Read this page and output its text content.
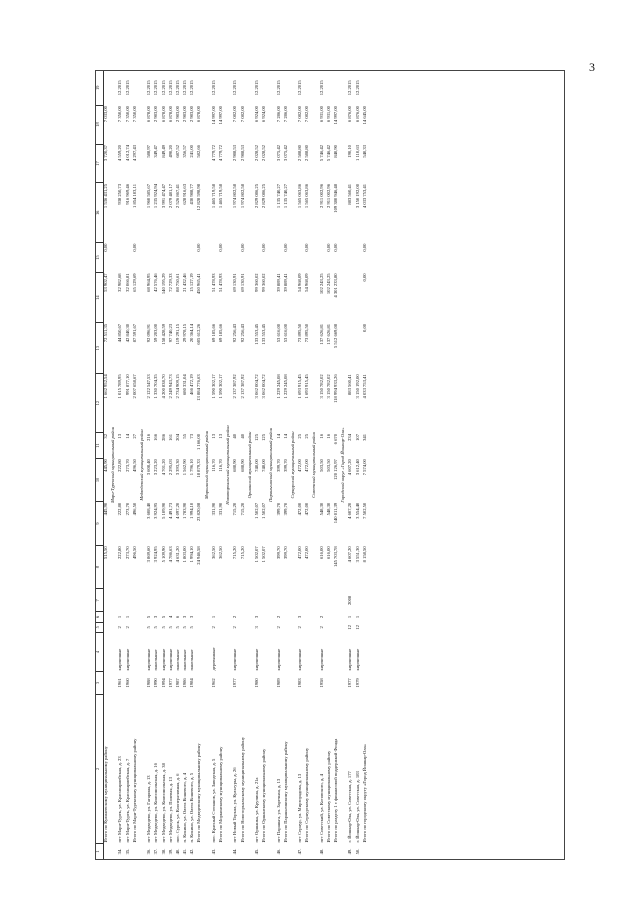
3
1	2	3	4	5	6	7	8	9	10	11	12	13	14	15	16	17	18	19
	Итого по Кулмаевскому муниципальному району						515,50	445,90	445,90	32	1 662 952,54	72 511,35	53 902,47	0,00	1 536 431,25	3 720,37	7 033,00	
Мари-Турекский муниципальный район																		
34.	пгт Мари-Турек, ул. Красноармейская, д. 23	1961	кирпичные	2	1		222,80	222,80	222,80	13	1 015 789,95	44 850,67	32 982,68		938 250,73	4 559,20	7 350,00	12.2015
35.	пгт Мари-Турек, ул. Красноармейская, д. 7	1960	кирпичные	2	1		273,70	273,70	273,70	14	991 877,10	42 840,30	32 066,81		916 969,46	4 012,74	7 350,00	12.2015
	Итого по Мари-Турекскому муниципальному району						496,50	496,50	496,50	27	2 007 658,67	87 591,67	65 129,69	0,00	1 854 103,11	4 297,43	7 350,00	
Медведевский муниципальный район																		
36.	пгт Медведево, ул. Гагарина, д. 13	1988	кирпичные	5	5		3 869,60	3 608,40	3 608,40	216	2 122 547,53	92 096,91	68 964,95		1 960 585,67	588,97	6 878,00	12.2015
37.	пгт Медведево, ул. Комсомольская, д. 16	1990	панельные	5	3		3 924,95	3 924,95	3 223,20	166	1 330 704,35	59 203,00	42 576,46		1 235 924,94	349,47	2 983,00	12.2015
38.	пгт Медведево, ул. Комсомольская, д. 38	1994	кирпичные	5	5		5 109,90	5 109,90	4 701,20	286	4 200 838,70	158 428,59	140 195,29		3 991 474,47	849,49	6 878,00	12.2015
39.	пгт Медведево, ул. Полевая, д. 13	1977	кирпичные	5	4		4 786,63	4 491,73	2 295,03	161	2 249 943,73	97 740,23	72 729,33		2 079 481,17	490,20	6 878,00	12.2015
40.	пос. Сурок, ул. Кооперативная, д. 6	1987	панельные	5	6		4 631,20	4 097,20	3 393,30	204	2 734 909,15	119 291,15	88 750,61		2 526 867,41	687,52	2 983,00	12.2015
41.	п. Кокино, ул. Олега Кошевого, д. 4	1986	панельные	5	3		1 803,00	1 783,90	1 562,90	55	680 331,04	29 978,15	21 432,46		628 916,63	356,57	2 983,00	12.2015
42.	п. Кокино, ул. Олега Кошевого, д. 5	1984	панельные	5	3		1 994,10	1 994,10	1 796,10	73	466 472,19	20 364,14	15 127,19		430 988,77	241,00	2 983,00	12.2015
	Итого по Медведевскому муниципальному району						24 946,58	23 820,08	18 879,33	1 166,00	13 884 776,63	605 612,26	450 965,41	0,00	12 828 598,98	582,66	6 878,00	
Моркинский муниципальный район																		
43.	пос. Красный Степанов, ул. Заводская, д. 5	1962	деревянные	2	1		362,50	331,90	116,70	13	1 590 302,17	69 185,66	51 478,93		1 465 719,58	4 779,72	14 997,00	12.2015
	Итого по Моркинскому муниципальному району						362,50	331,90	116,70	13	1 590 302,17	69 185,66	51 478,93	0,00	1 465 719,58	4 779,72	14 997,00	
Новоторъяльский муниципальный район																		
44.	пгт Новый Торъял, ул. Культуры, д. 26	1977	кирпичные	2	2		715,20	715,20	688,90	40	2 137 387,92	92 256,43	69 130,91		1 974 802,58	2 988,53	7 082,00	12.2015
	Итого по Новоторъяльскому муниципальному району						715,20	715,20	688,90	40	2 137 387,92	92 256,43	69 130,91	0,00	1 974 802,58	2 988,53	7 082,00	
Оршанский муниципальный район																		
45.	пгт Оршанка, ул. Крупина, д. 21а	1980	кирпичные	3	3		1 502,07	1 502,07	748,00	125	3 062 004,72	133 553,45	99 360,02		2 829 086,25	2 028,52	6 924,00	12.2015
	Итого по Оршанскому муниципальному району						1 502,07	1 502,07	748,00	125	3 062 004,72	133 553,45	99 360,02	0,00	2 829 086,25	2 028,52	6 924,00	
Параньгинский муниципальный район																		
46.	пгт Параньга, ул. Заречная, д. 13	1989	кирпичные	2	2		399,70	399,70	399,70	14	1 229 245,08	53 616,00	39 889,41		1 135 740,27	3 075,42	7 286,00	12.2015
	Итого по Параньгинскому муниципальному району						399,70	399,70	399,70	14	1 229 245,08	53 616,00	39 889,41	0,00	1 135 740,27	3 075,42	7 286,00	
Сернурский муниципальный район																		
47.	пгт Сернур, ул. Мирзорадова, д. 13	1983	кирпичные	2	3		472,00	472,00	472,00	25	1 693 915,45	73 895,50	54 968,09		1 565 063,86	2 588,80	7 082,00	12.2015
	Итого по Сернурскому муниципальному району						472,00	472,00	472,00	25	1 693 915,45	73 895,50	54 968,09	0,00	1 565 063,86	2 588,80	7 082,00	
Советский муниципальный район																		
48.	пгт Советский, ул. Котовского, д. 4	1958	кирпичные	2	2		616,00	548,30	503,50	16	3 150 782,02	137 626,81	102 243,25		2 911 002,96	5 746,42	6 931,00	12.2015
	Итого по Советскому муниципальному району						616,00	548,30	503,50	16	3 150 782,02	137 626,81	102 243,25	0,00	2 911 002,96	5 746,42	6 931,00	
	Итого по разделу 1 с финансовой поддержкой Фонда						145 703,78	140 011,39	120 126,97	6 670	118 994 933,26	5 512 669,08	4 301 233,80	0,00	109 380 946,48	840,90	14 997,00	
Городской округ «Город Йошкар-Ола»																		
49.	г. Йошкар-Ола, ул. Советская, д. 177	1977	кирпичные	12	1	2008	4 607,20	4 607,20	4 607,20	234	883 560,41				883 560,41	190,10	6 876,00	12.2015
50.	г. Йошкар-Ола, ул. Советская, д. 183	1979	кирпичные	12	1		3 551,30	3 554,40	3 612,40	107	3 150 192,00				3 150 192,00	1 110,63	6 876,00	12.2015
	Итого по городскому округу «Город Йошкар-Ола»						8 158,50	7 502,50	7 574,00	341	4 033 753,41	0,00	0,00	0,00	4 033 753,41	540,33	14 645,00	
